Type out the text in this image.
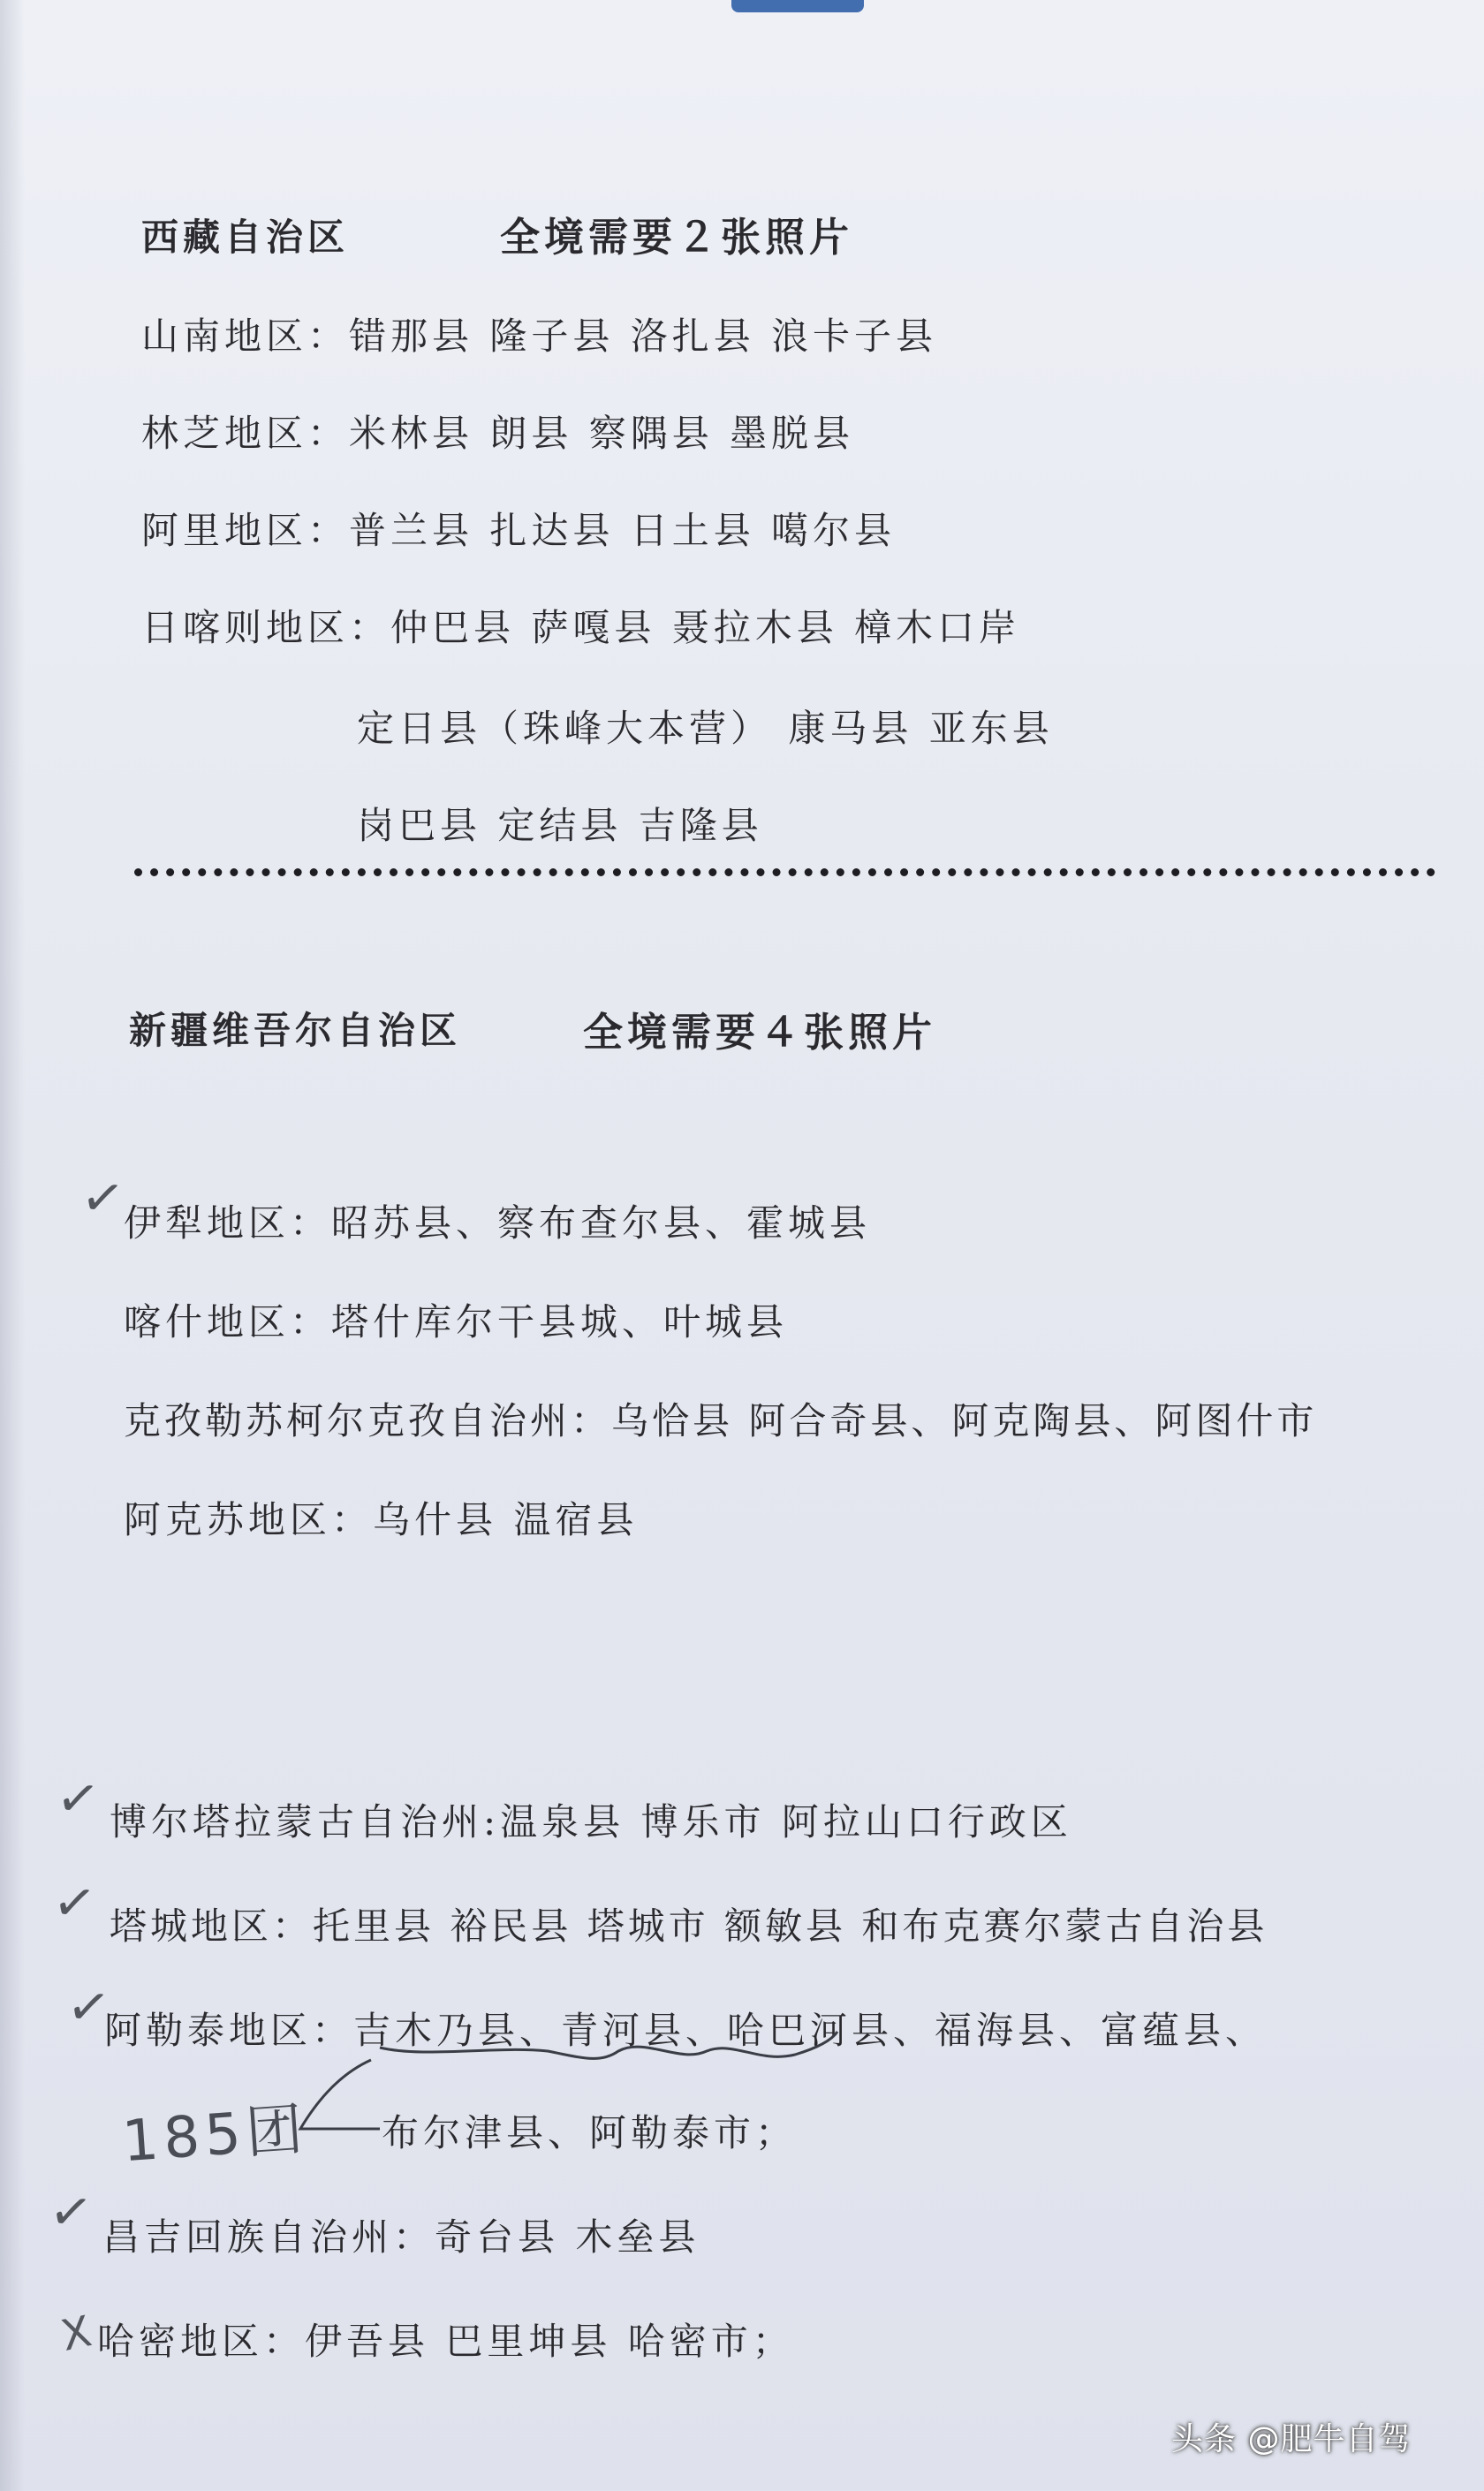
西藏自治区	全境需要２张照片
山南地区：错那县 隆子县 洛扎县 浪卡子县
林芝地区：米林县 朗县 察隅县 墨脱县
阿里地区：普兰县 扎达县 日土县 噶尔县
日喀则地区：仲巴县 萨嘎县 聂拉木县 樟木口岸
定日县（珠峰大本营） 康马县 亚东县
岗巴县 定结县 吉隆县
新疆维吾尔自治区	全境需要４张照片
伊犁地区：昭苏县、察布查尔县、霍城县
喀什地区：塔什库尔干县城、叶城县
克孜勒苏柯尔克孜自治州：乌恰县 阿合奇县、阿克陶县、阿图什市
阿克苏地区：乌什县 温宿县
博尔塔拉蒙古自治州:温泉县 博乐市 阿拉山口行政区
塔城地区：托里县 裕民县 塔城市 额敏县 和布克赛尔蒙古自治县
阿勒泰地区：吉木乃县、青河县、哈巴河县、福海县、富蕴县、
布尔津县、阿勒泰市；
昌吉回族自治州：奇台县 木垒县
哈密地区：伊吾县 巴里坤县 哈密市；
✓
✓
✓
✓
✓
X
185团
头条 @肥牛自驾
